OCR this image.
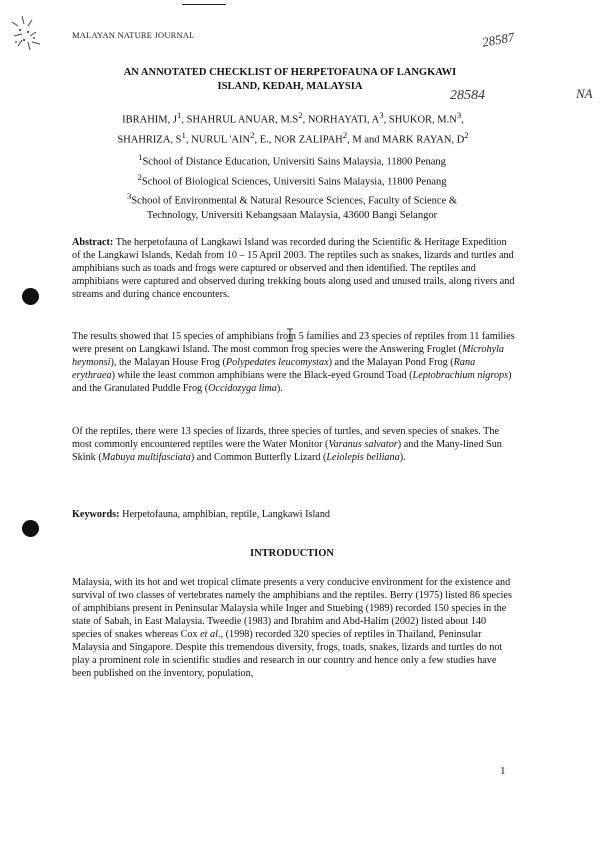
MALAYAN NATURE JOURNAL	28587
28584	NA
AN ANNOTATED CHECKLIST OF HERPETOFAUNA OF LANGKAWI
ISLAND, KEDAH, MALAYSIA
IBRAHIM, $J^1$, SHAHRUL ANUAR, $M.S^2$, NORHAYATI, $A^3$, SHUKOR, $M.N^3$,
SHAHRIZA, $S^1$, NURUL 'AIN$^2$, E., NOR ZALIPAH$^2$, M and MARK RAYAN, $D^2$
$^1$School of Distance Education, Universiti Sains Malaysia, 11800 Penang
$^2$School of Biological Sciences, Universiti Sains Malaysia, 11800 Penang
$^3$School of Environmental & Natural Resource Sciences, Faculty of Science &
Technology, Universiti Kebangsaan Malaysia, 43600 Bangi Selangor
Abstract: The herpetofauna of Langkawi Island was recorded during the Scientific & Heritage Expedition of the Langkawi Islands, Kedah from 10 – 15 April 2003. The reptiles such as snakes, lizards and turtles and amphibians such as toads and frogs were captured or observed and then identified. The reptiles and amphibians were captured and observed during trekking bouts along used and unused trails, along rivers and streams and during chance encounters.
The results showed that 15 species of amphibians from 5 families and 23 species of reptiles from 11 families were present on Langkawi Island. The most common frog species were the Answering Froglet (Microhyla heymonsi), the Malayan House Frog (Polypedates leucomystax) and the Malayan Pond Frog (Rana erythraea) while the least common amphibians were the Black-eyed Ground Toad (Leptobrachium nigrops) and the Granulated Puddle Frog (Occidozyga lima).
Of the reptiles, there were 13 species of lizards, three species of turtles, and seven species of snakes. The most commonly encountered reptiles were the Water Monitor (Varanus salvator) and the Many-lined Sun Skink (Mabuya multifasciata) and Common Butterfly Lizard (Leiolepis belliana).
Keywords: Herpetofauna, amphibian, reptile, Langkawi Island
INTRODUCTION
Malaysia, with its hot and wet tropical climate presents a very conducive environment for the existence and survival of two classes of vertebrates namely the amphibians and the reptiles. Berry (1975) listed 86 species of amphibians present in Peninsular Malaysia while Inger and Stuebing (1989) recorded 150 species in the state of Sabah, in East Malaysia. Tweedie (1983) and Ibrahim and Abd-Halim (2002) listed about 140 species of snakes whereas Cox et al., (1998) recorded 320 species of reptiles in Thailand, Peninsular Malaysia and Singapore. Despite this tremendous diversity, frogs, toads, snakes, lizards and turtles do not play a prominent role in scientific studies and research in our country and hence only a few studies have been published on the inventory, population,
1
